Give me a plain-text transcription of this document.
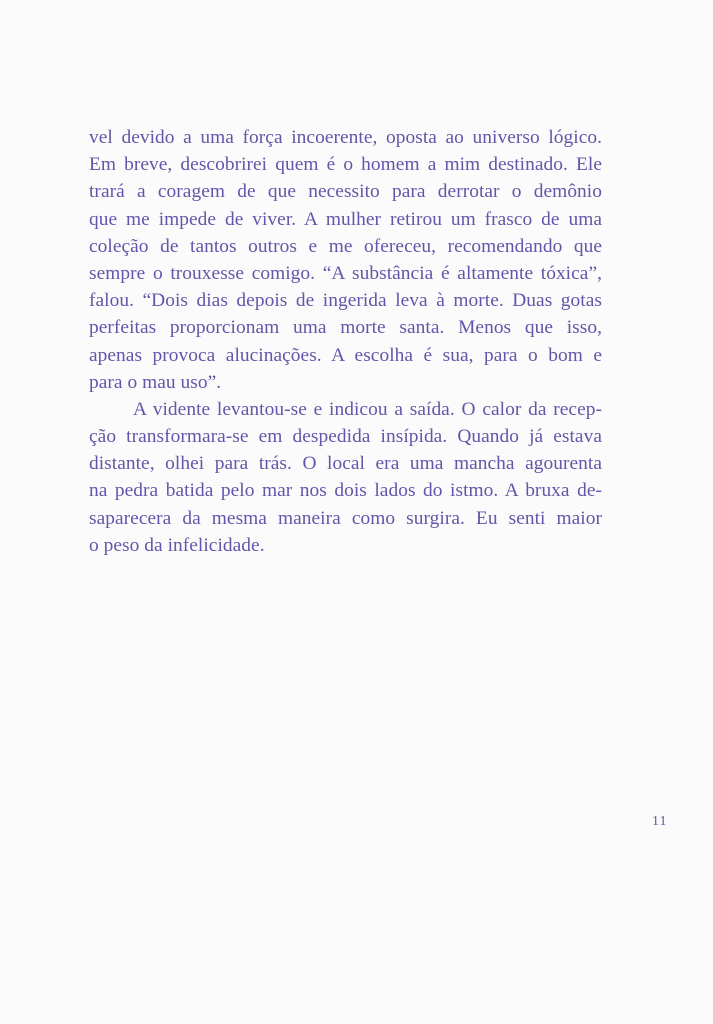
vel devido a uma força incoerente, oposta ao universo lógico.
Em breve, descobrirei quem é o homem a mim destinado. Ele
trará a coragem de que necessito para derrotar o demônio
que me impede de viver. A mulher retirou um frasco de uma
coleção de tantos outros e me ofereceu, recomendando que
sempre o trouxesse comigo. “A substância é altamente tóxica”,
falou. “Dois dias depois de ingerida leva à morte. Duas gotas
perfeitas proporcionam uma morte santa. Menos que isso,
apenas provoca alucinações. A escolha é sua, para o bom e
para o mau uso”.
A vidente levantou-se e indicou a saída. O calor da recep-
ção transformara-se em despedida insípida. Quando já estava
distante, olhei para trás. O local era uma mancha agourenta
na pedra batida pelo mar nos dois lados do istmo. A bruxa de-
saparecera da mesma maneira como surgira. Eu senti maior
o peso da infelicidade.
11
